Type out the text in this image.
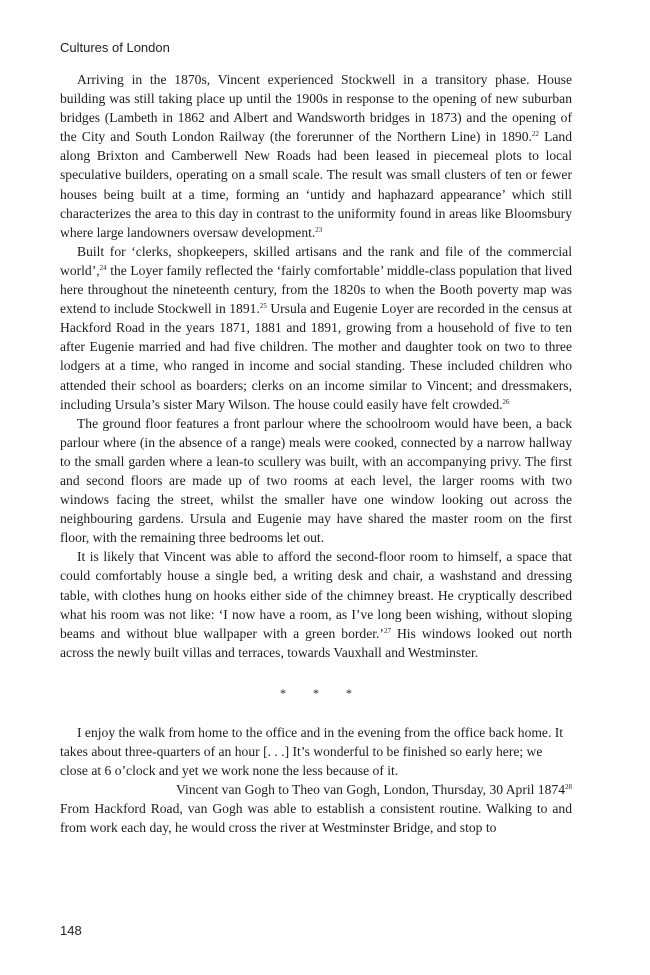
Cultures of London

Arriving in the 1870s, Vincent experienced Stockwell in a transitory phase. House building was still taking place up until the 1900s in response to the opening of new suburban bridges (Lambeth in 1862 and Albert and Wandsworth bridges in 1873) and the opening of the City and South London Railway (the forerunner of the Northern Line) in 1890.22 Land along Brixton and Camberwell New Roads had been leased in piecemeal plots to local speculative builders, operating on a small scale. The result was small clusters of ten or fewer houses being built at a time, forming an ‘untidy and haphazard appearance’ which still characterizes the area to this day in contrast to the uniformity found in areas like Bloomsbury where large landowners oversaw development.$^{23}$

Built for ‘clerks, shopkeepers, skilled artisans and the rank and file of the commercial world’,$^{24}$ the Loyer family reflected the ‘fairly comfortable’ middle-class population that lived here throughout the nineteenth century, from the 1820s to when the Booth poverty map was extend to include Stockwell in 1891.25 Ursula and Eugenie Loyer are recorded in the census at Hackford Road in the years 1871, 1881 and 1891, growing from a household of five to ten after Eugenie married and had five children. The mother and daughter took on two to three lodgers at a time, who ranged in income and social standing. These included children who attended their school as boarders; clerks on an income similar to Vincent; and dressmakers, including Ursula’s sister Mary Wilson. The house could easily have felt crowded.$^{26}$

The ground floor features a front parlour where the schoolroom would have been, a back parlour where (in the absence of a range) meals were cooked, connected by a narrow hallway to the small garden where a lean-to scullery was built, with an accompanying privy. The first and second floors are made up of two rooms at each level, the larger rooms with two windows facing the street, whilst the smaller have one window looking out across the neighbouring gardens. Ursula and Eugenie may have shared the master room on the first floor, with the remaining three bedrooms let out.

It is likely that Vincent was able to afford the second-floor room to himself, a space that could comfortably house a single bed, a writing desk and chair, a washstand and dressing table, with clothes hung on hooks either side of the chimney breast. He cryptically described what his room was not like: ‘I now have a room, as I’ve long been wishing, without sloping beams and without blue wallpaper with a green border.’$^{27}$ His windows looked out north across the newly built villas and terraces, towards Vauxhall and Westminster.

* * *

I enjoy the walk from home to the office and in the evening from the office back home. It takes about three-quarters of an hour [. . .] It’s wonderful to be finished so early here; we close at 6 o’clock and yet we work none the less because of it.

Vincent van Gogh to Theo van Gogh, London, Thursday, 30 April 1874$^{28}$

From Hackford Road, van Gogh was able to establish a consistent routine. Walking to and from work each day, he would cross the river at Westminster Bridge, and stop to

148
